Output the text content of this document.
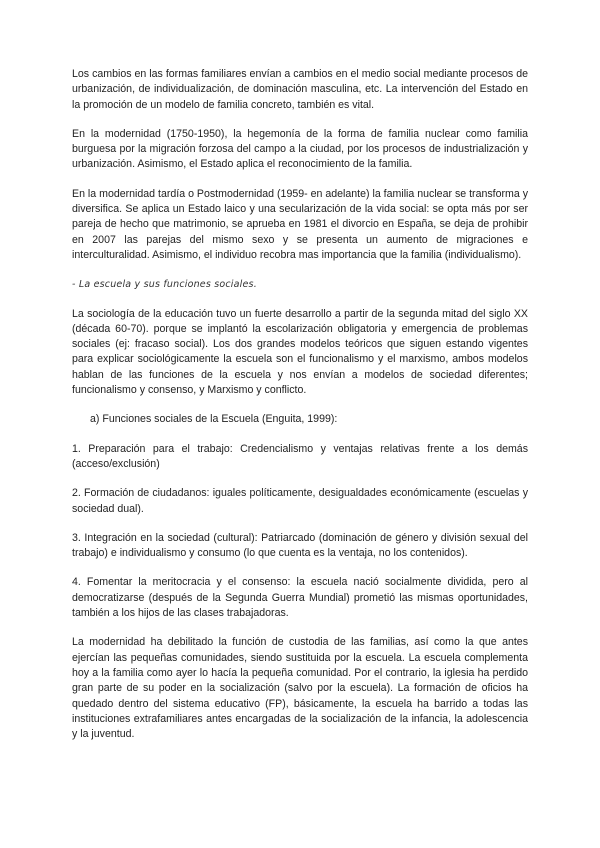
Los cambios en las formas familiares envían a cambios en el medio social mediante procesos de urbanización, de individualización, de dominación masculina, etc. La intervención del Estado en la promoción de un modelo de familia concreto, también es vital.

En la modernidad (1750-1950), la hegemonía de la forma de familia nuclear como familia burguesa por la migración forzosa del campo a la ciudad, por los procesos de industrialización y urbanización. Asimismo, el Estado aplica el reconocimiento de la familia.

En la modernidad tardía o Postmodernidad (1959- en adelante) la familia nuclear se transforma y diversifica. Se aplica un Estado laico y una secularización de la vida social: se opta más por ser pareja de hecho que matrimonio, se aprueba en 1981 el divorcio en España, se deja de prohibir en 2007 las parejas del mismo sexo y se presenta un aumento de migraciones e interculturalidad. Asimismo, el individuo recobra mas importancia que la familia (individualismo).

- La escuela y sus funciones sociales.

La sociología de la educación tuvo un fuerte desarrollo a partir de la segunda mitad del siglo XX (década 60-70). porque se implantó la escolarización obligatoria y emergencia de problemas sociales (ej: fracaso social). Los dos grandes modelos teóricos que siguen estando vigentes para explicar sociológicamente la escuela son el funcionalismo y el marxismo, ambos modelos hablan de las funciones de la escuela y nos envían a modelos de sociedad diferentes; funcionalismo y consenso, y Marxismo y conflicto.

a) Funciones sociales de la Escuela (Enguita, 1999):

1. Preparación para el trabajo: Credencialismo y ventajas relativas frente a los demás (acceso/exclusión)

2. Formación de ciudadanos: iguales políticamente, desigualdades económicamente (escuelas y sociedad dual).

3. Integración en la sociedad (cultural): Patriarcado (dominación de género y división sexual del trabajo) e individualismo y consumo (lo que cuenta es la ventaja, no los contenidos).

4. Fomentar la meritocracia y el consenso: la escuela nació socialmente dividida, pero al democratizarse (después de la Segunda Guerra Mundial) prometió las mismas oportunidades, también a los hijos de las clases trabajadoras.

La modernidad ha debilitado la función de custodia de las familias, así como la que antes ejercían las pequeñas comunidades, siendo sustituida por la escuela. La escuela complementa hoy a la familia como ayer lo hacía la pequeña comunidad. Por el contrario, la iglesia ha perdido gran parte de su poder en la socialización (salvo por la escuela). La formación de oficios ha quedado dentro del sistema educativo (FP), básicamente, la escuela ha barrido a todas las instituciones extrafamiliares antes encargadas de la socialización de la infancia, la adolescencia y la juventud.
